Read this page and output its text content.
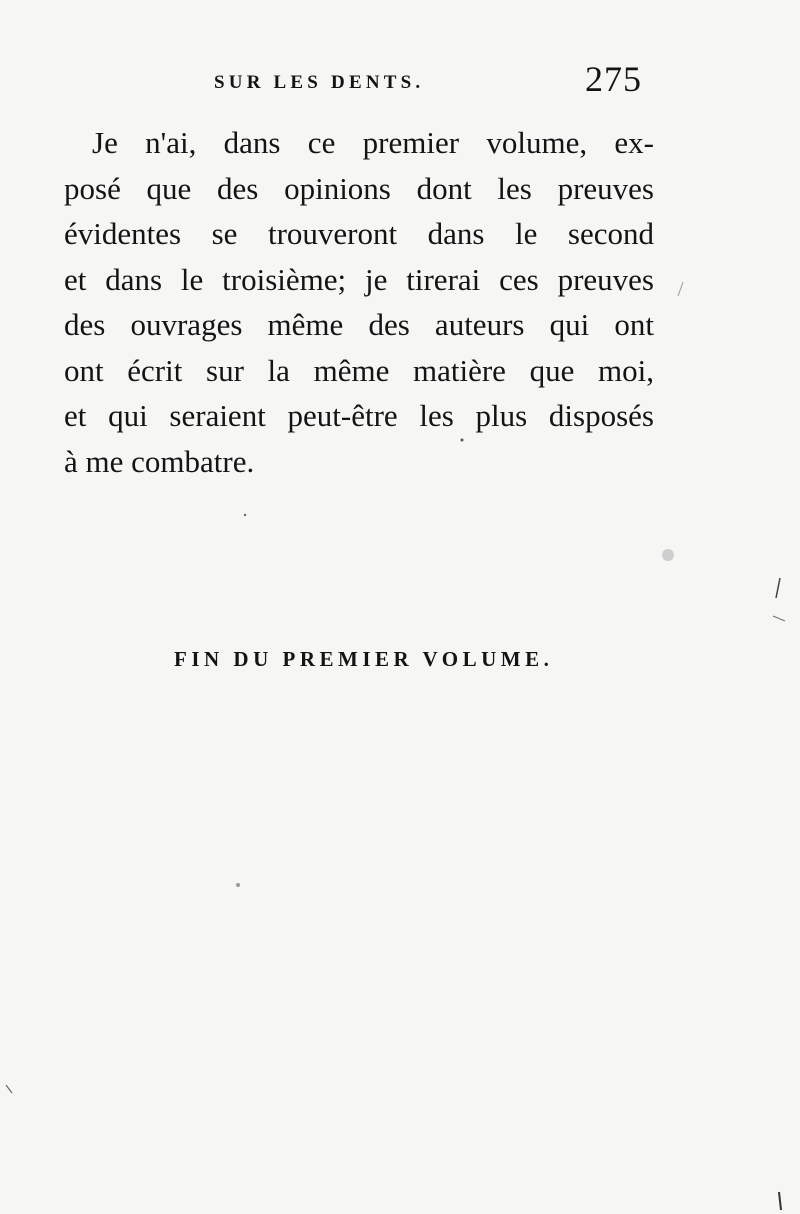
SUR LES DENTS.	275
Je n'ai, dans ce premier volume, ex-
posé que des opinions dont les preuves
évidentes se trouveront dans le second
et dans le troisième; je tirerai ces preuves
des ouvrages même des auteurs qui ont
ont écrit sur la même matière que moi,
et qui seraient peut-être les plus disposés
à me combatre.
FIN DU PREMIER VOLUME.
